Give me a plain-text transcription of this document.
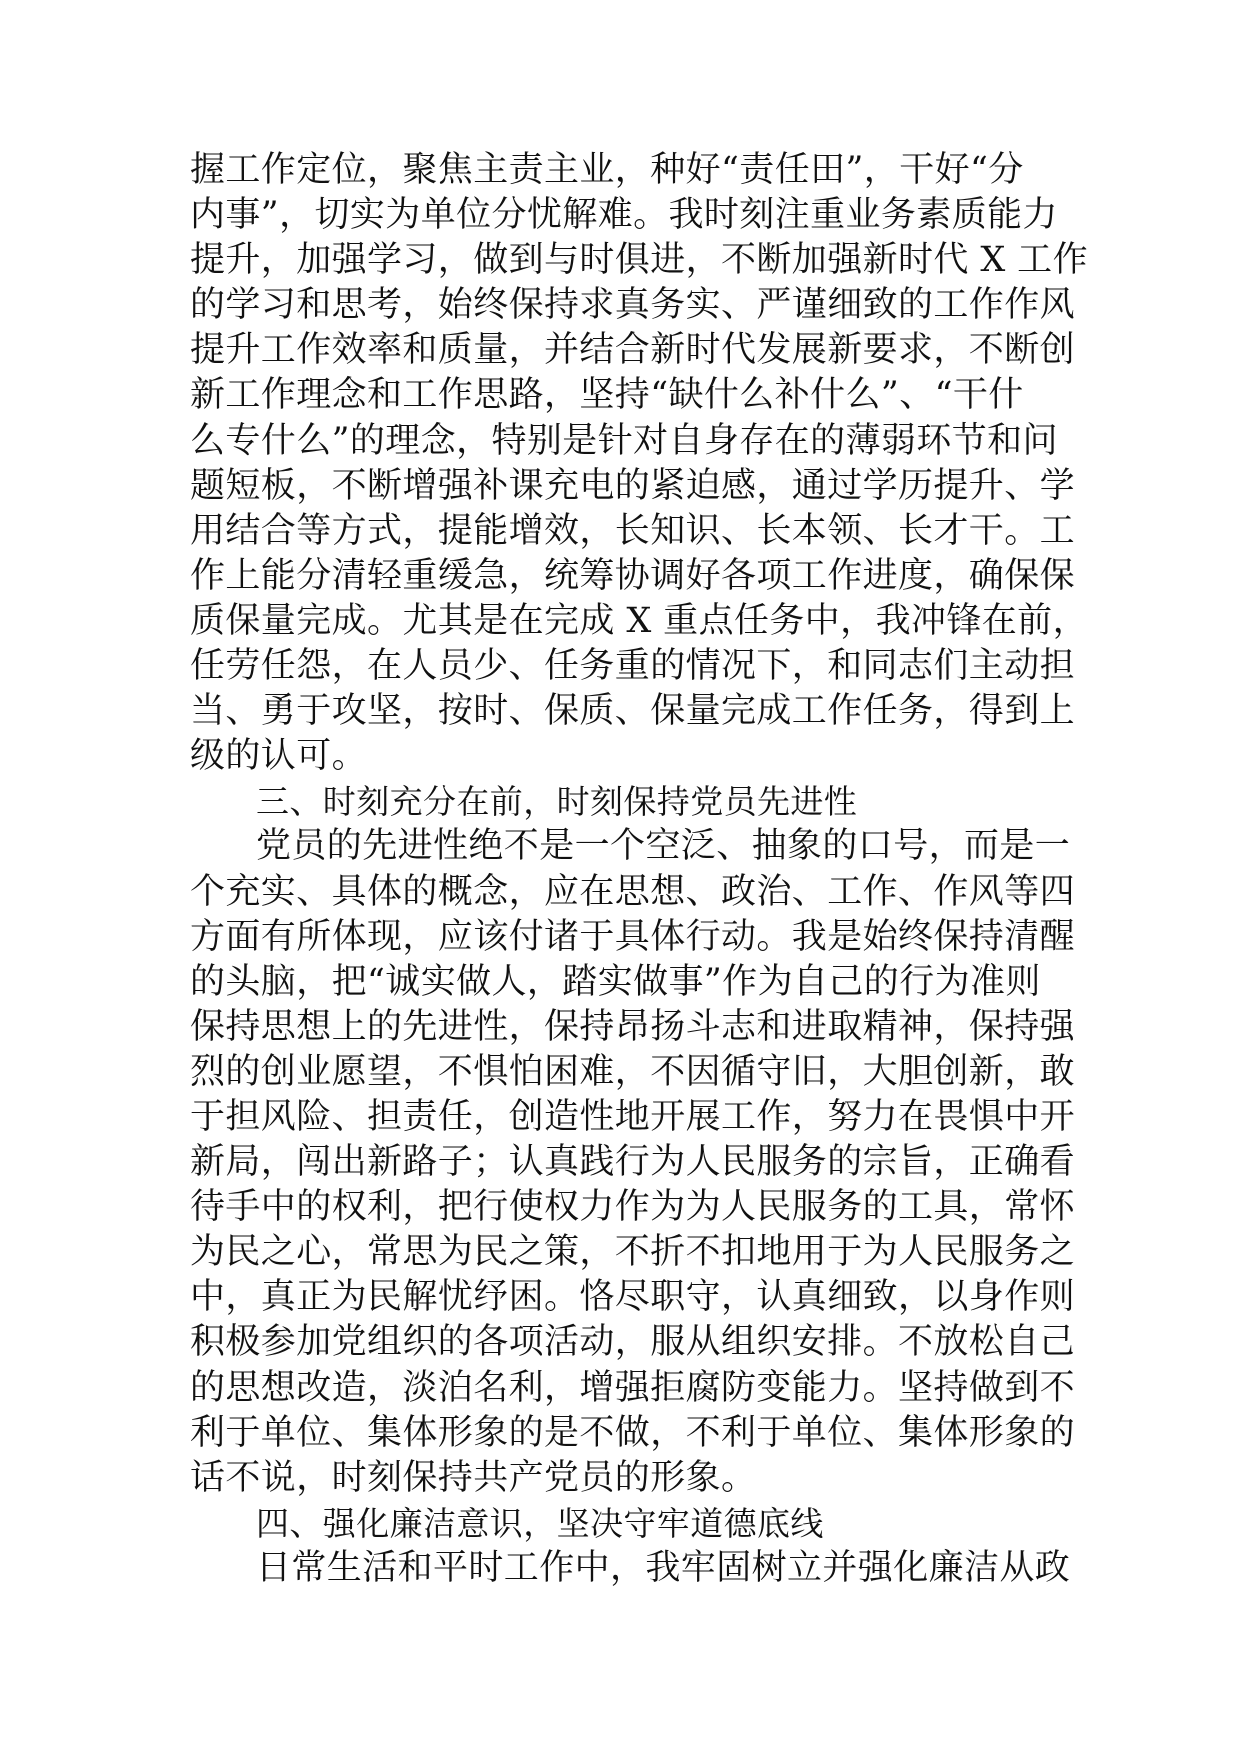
握工作定位，聚焦主责主业，种好“责任田”，干好“分
内事”，切实为单位分忧解难。我时刻注重业务素质能力
提升，加强学习，做到与时俱进，不断加强新时代 X 工作
的学习和思考，始终保持求真务实、严谨细致的工作作风
提升工作效率和质量，并结合新时代发展新要求，不断创
新工作理念和工作思路，坚持“缺什么补什么”、“干什
么专什么”的理念，特别是针对自身存在的薄弱环节和问
题短板，不断增强补课充电的紧迫感，通过学历提升、学
用结合等方式，提能增效，长知识、长本领、长才干。工
作上能分清轻重缓急，统筹协调好各项工作进度，确保保
质保量完成。尤其是在完成 X 重点任务中，我冲锋在前，
任劳任怨，在人员少、任务重的情况下，和同志们主动担
当、勇于攻坚，按时、保质、保量完成工作任务，得到上
级的认可。
三、时刻充分在前，时刻保持党员先进性
党员的先进性绝不是一个空泛、抽象的口号，而是一
个充实、具体的概念，应在思想、政治、工作、作风等四
方面有所体现，应该付诸于具体行动。我是始终保持清醒
的头脑，把“诚实做人，踏实做事”作为自己的行为准则
保持思想上的先进性，保持昂扬斗志和进取精神，保持强
烈的创业愿望，不惧怕困难，不因循守旧，大胆创新，敢
于担风险、担责任，创造性地开展工作，努力在畏惧中开
新局，闯出新路子；认真践行为人民服务的宗旨，正确看
待手中的权利，把行使权力作为为人民服务的工具，常怀
为民之心，常思为民之策，不折不扣地用于为人民服务之
中，真正为民解忧纾困。恪尽职守，认真细致，以身作则
积极参加党组织的各项活动，服从组织安排。不放松自己
的思想改造，淡泊名利，增强拒腐防变能力。坚持做到不
利于单位、集体形象的是不做，不利于单位、集体形象的
话不说，时刻保持共产党员的形象。
四、强化廉洁意识，坚决守牢道德底线
日常生活和平时工作中，我牢固树立并强化廉洁从政
